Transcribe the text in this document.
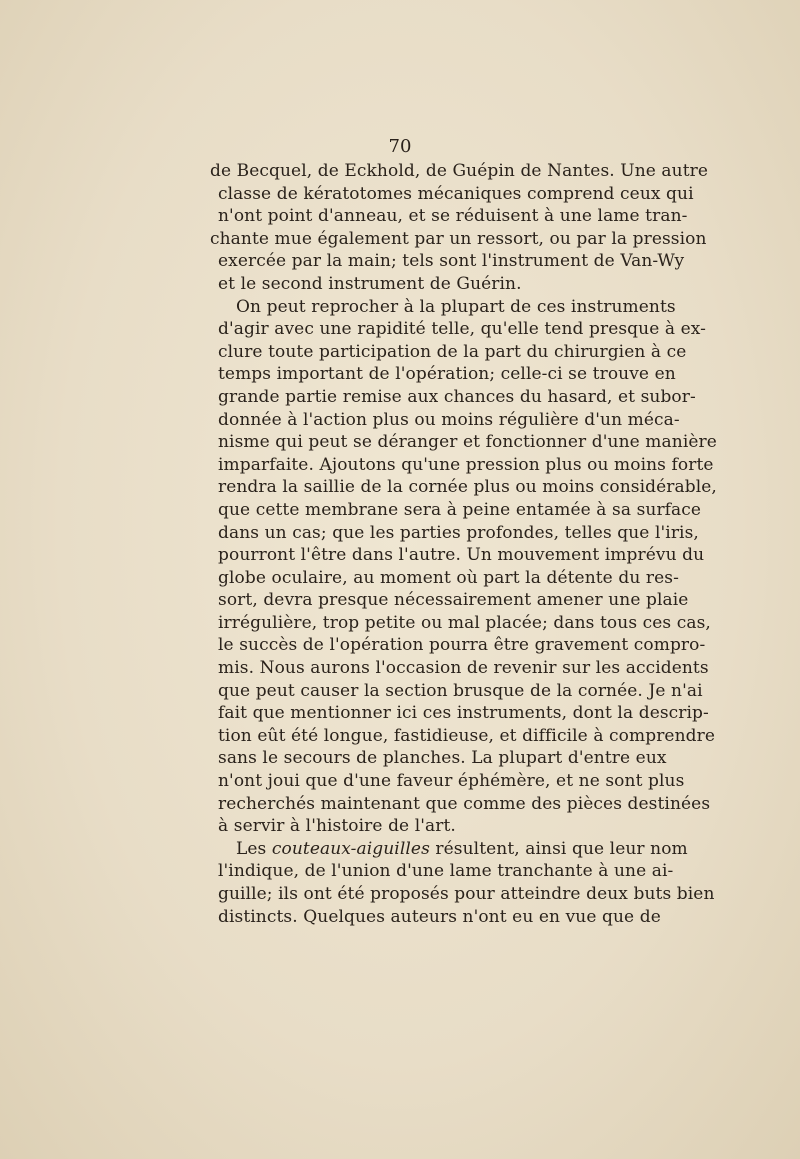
70
de Becquel, de Eckhold, de Guépin de Nantes. Une autre
classe de kératotomes mécaniques comprend ceux qui
n'ont point d'anneau, et se réduisent à une lame tran-
chante mue également par un ressort, ou par la pression
exercée par la main; tels sont l'instrument de Van-Wy
et le second instrument de Guérin.
On peut reprocher à la plupart de ces instruments
d'agir avec une rapidité telle, qu'elle tend presque à ex-
clure toute participation de la part du chirurgien à ce
temps important de l'opération; celle-ci se trouve en
grande partie remise aux chances du hasard, et subor-
donnée à l'action plus ou moins régulière d'un méca-
nisme qui peut se déranger et fonctionner d'une manière
imparfaite. Ajoutons qu'une pression plus ou moins forte
rendra la saillie de la cornée plus ou moins considérable,
que cette membrane sera à peine entamée à sa surface
dans un cas; que les parties profondes, telles que l'iris,
pourront l'être dans l'autre. Un mouvement imprévu du
globe oculaire, au moment où part la détente du res-
sort, devra presque nécessairement amener une plaie
irrégulière, trop petite ou mal placée; dans tous ces cas,
le succès de l'opération pourra être gravement compro-
mis. Nous aurons l'occasion de revenir sur les accidents
que peut causer la section brusque de la cornée. Je n'ai
fait que mentionner ici ces instruments, dont la descrip-
tion eût été longue, fastidieuse, et difficile à comprendre
sans le secours de planches. La plupart d'entre eux
n'ont joui que d'une faveur éphémère, et ne sont plus
recherchés maintenant que comme des pièces destinées
à servir à l'histoire de l'art.
Les couteaux-aiguilles résultent, ainsi que leur nom
l'indique, de l'union d'une lame tranchante à une ai-
guille; ils ont été proposés pour atteindre deux buts bien
distincts. Quelques auteurs n'ont eu en vue que de
